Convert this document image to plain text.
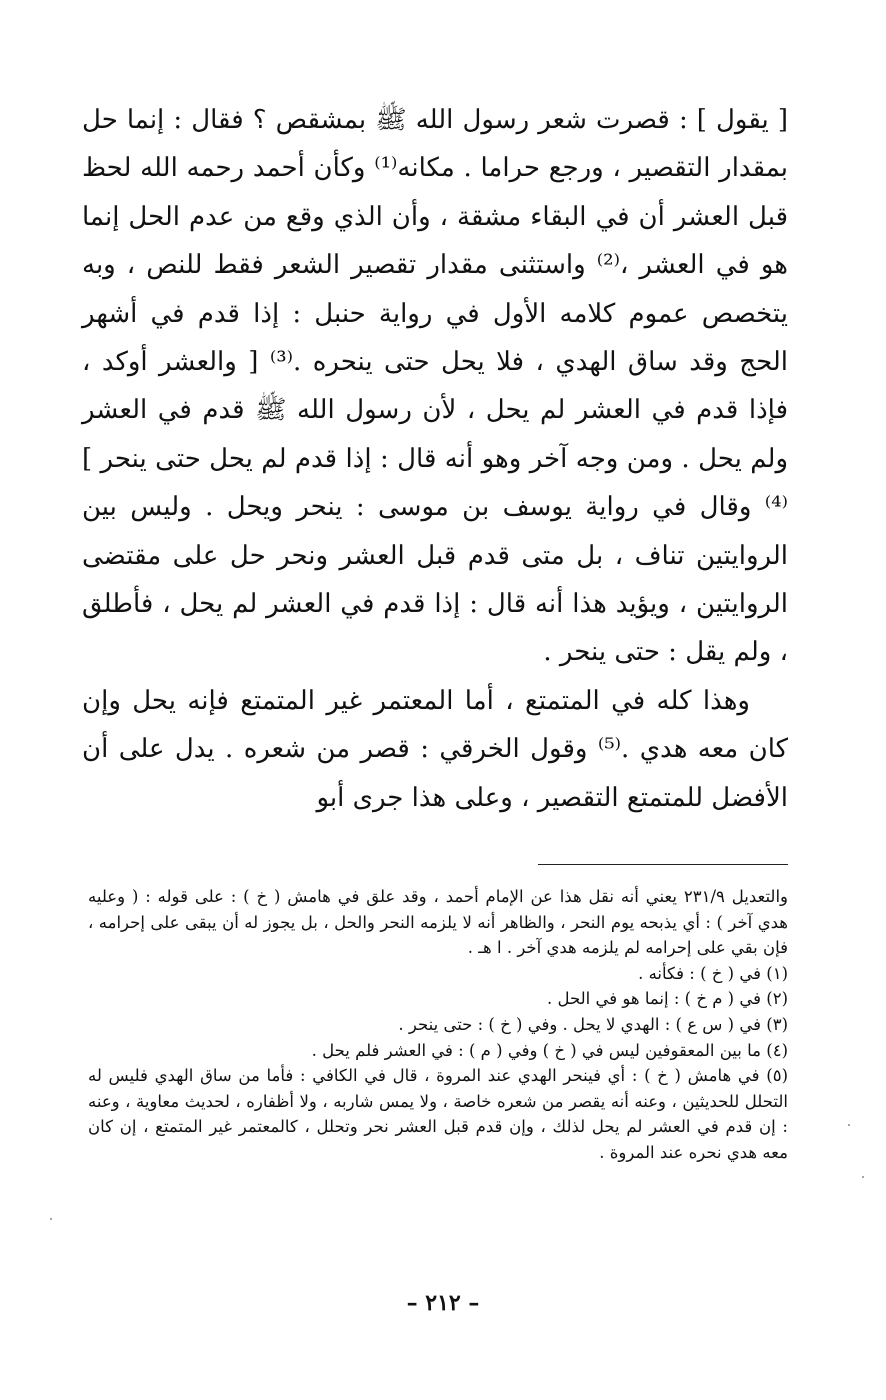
[ يقول ] : قصرت شعر رسول الله ﷺ بمشقص ؟ فقال : إنما حل بمقدار التقصير ، ورجع حراما . مكانه⁽¹⁾ وكأن أحمد رحمه الله لحظ قبل العشر أن في البقاء مشقة ، وأن الذي وقع من عدم الحل إنما هو في العشر ،⁽²⁾ واستثنى مقدار تقصير الشعر فقط للنص ، وبه يتخصص عموم كلامه الأول في رواية حنبل : إذا قدم في أشهر الحج وقد ساق الهدي ، فلا يحل حتى ينحره .⁽³⁾ [ والعشر أوكد ، فإذا قدم في العشر لم يحل ، لأن رسول الله ﷺ قدم في العشر ولم يحل . ومن وجه آخر وهو أنه قال : إذا قدم لم يحل حتى ينحر ]⁽⁴⁾ وقال في رواية يوسف بن موسى : ينحر ويحل . وليس بين الروايتين تناف ، بل متى قدم قبل العشر ونحر حل على مقتضى الروايتين ، ويؤيد هذا أنه قال : إذا قدم في العشر لم يحل ، فأطلق ، ولم يقل : حتى ينحر .

وهذا كله في المتمتع ، أما المعتمر غير المتمتع فإنه يحل وإن كان معه هدي .⁽⁵⁾ وقول الخرقي : قصر من شعره . يدل على أن الأفضل للمتمتع التقصير ، وعلى هذا جرى أبو

والتعديل ٢٣١/٩ يعني أنه نقل هذا عن الإمام أحمد ، وقد علق في هامش ( خ ) : على قوله : ( وعليه هدي آخر ) : أي يذبحه يوم النحر ، والظاهر أنه لا يلزمه النحر والحل ، بل يجوز له أن يبقى على إحرامه ، فإن بقي على إحرامه لم يلزمه هدي آخر . ا هـ .

(١) في ( خ ) : فكأنه .

(٢) في ( م خ ) : إنما هو في الحل .

(٣) في ( س ع ) : الهدي لا يحل . وفي ( خ ) : حتى ينحر .

(٤) ما بين المعقوفين ليس في ( خ ) وفي ( م ) : في العشر فلم يحل .

(٥) في هامش ( خ ) : أي فينحر الهدي عند المروة ، قال في الكافي : فأما من ساق الهدي فليس له التحلل للحديثين ، وعنه أنه يقصر من شعره خاصة ، ولا يمس شاربه ، ولا أظفاره ، لحديث معاوية ، وعنه : إن قدم في العشر لم يحل لذلك ، وإن قدم قبل العشر نحر وتحلل ، كالمعتمر غير المتمتع ، إن كان معه هدي نحره عند المروة .

– ٢١٢ –
